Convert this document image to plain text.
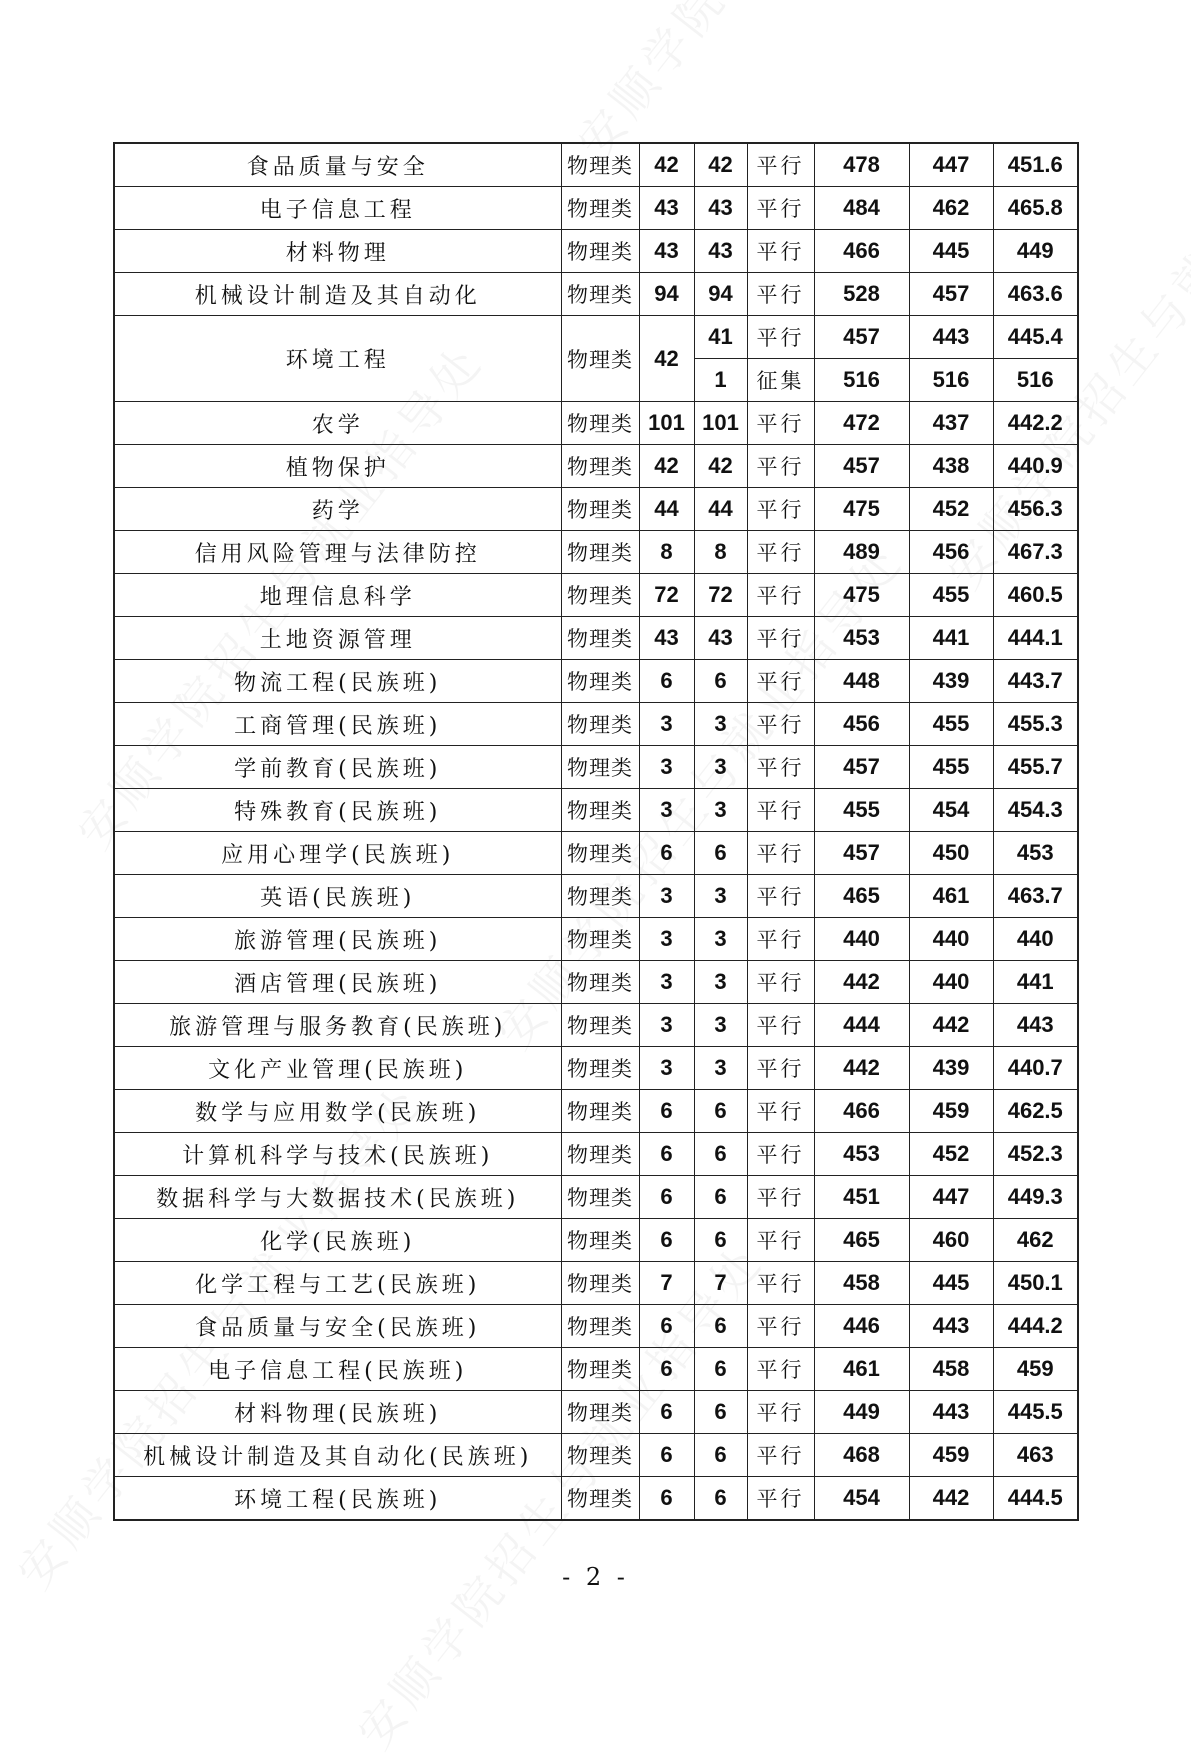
食品质量与安全	物理类	42	42	平行	478	447	451.6
电子信息工程	物理类	43	43	平行	484	462	465.8
材料物理	物理类	43	43	平行	466	445	449
机械设计制造及其自动化	物理类	94	94	平行	528	457	463.6
环境工程	物理类	42	41	平行	457	443	445.4
			1	征集	516	516	516
农学	物理类	101	101	平行	472	437	442.2
植物保护	物理类	42	42	平行	457	438	440.9
药学	物理类	44	44	平行	475	452	456.3
信用风险管理与法律防控	物理类	8	8	平行	489	456	467.3
地理信息科学	物理类	72	72	平行	475	455	460.5
土地资源管理	物理类	43	43	平行	453	441	444.1
物流工程(民族班)	物理类	6	6	平行	448	439	443.7
工商管理(民族班)	物理类	3	3	平行	456	455	455.3
学前教育(民族班)	物理类	3	3	平行	457	455	455.7
特殊教育(民族班)	物理类	3	3	平行	455	454	454.3
应用心理学(民族班)	物理类	6	6	平行	457	450	453
英语(民族班)	物理类	3	3	平行	465	461	463.7
旅游管理(民族班)	物理类	3	3	平行	440	440	440
酒店管理(民族班)	物理类	3	3	平行	442	440	441
旅游管理与服务教育(民族班)	物理类	3	3	平行	444	442	443
文化产业管理(民族班)	物理类	3	3	平行	442	439	440.7
数学与应用数学(民族班)	物理类	6	6	平行	466	459	462.5
计算机科学与技术(民族班)	物理类	6	6	平行	453	452	452.3
数据科学与大数据技术(民族班)	物理类	6	6	平行	451	447	449.3
化学(民族班)	物理类	6	6	平行	465	460	462
化学工程与工艺(民族班)	物理类	7	7	平行	458	445	450.1
食品质量与安全(民族班)	物理类	6	6	平行	446	443	444.2
电子信息工程(民族班)	物理类	6	6	平行	461	458	459
材料物理(民族班)	物理类	6	6	平行	449	443	445.5
机械设计制造及其自动化(民族班)	物理类	6	6	平行	468	459	463
环境工程(民族班)	物理类	6	6	平行	454	442	444.5
- 2 -
